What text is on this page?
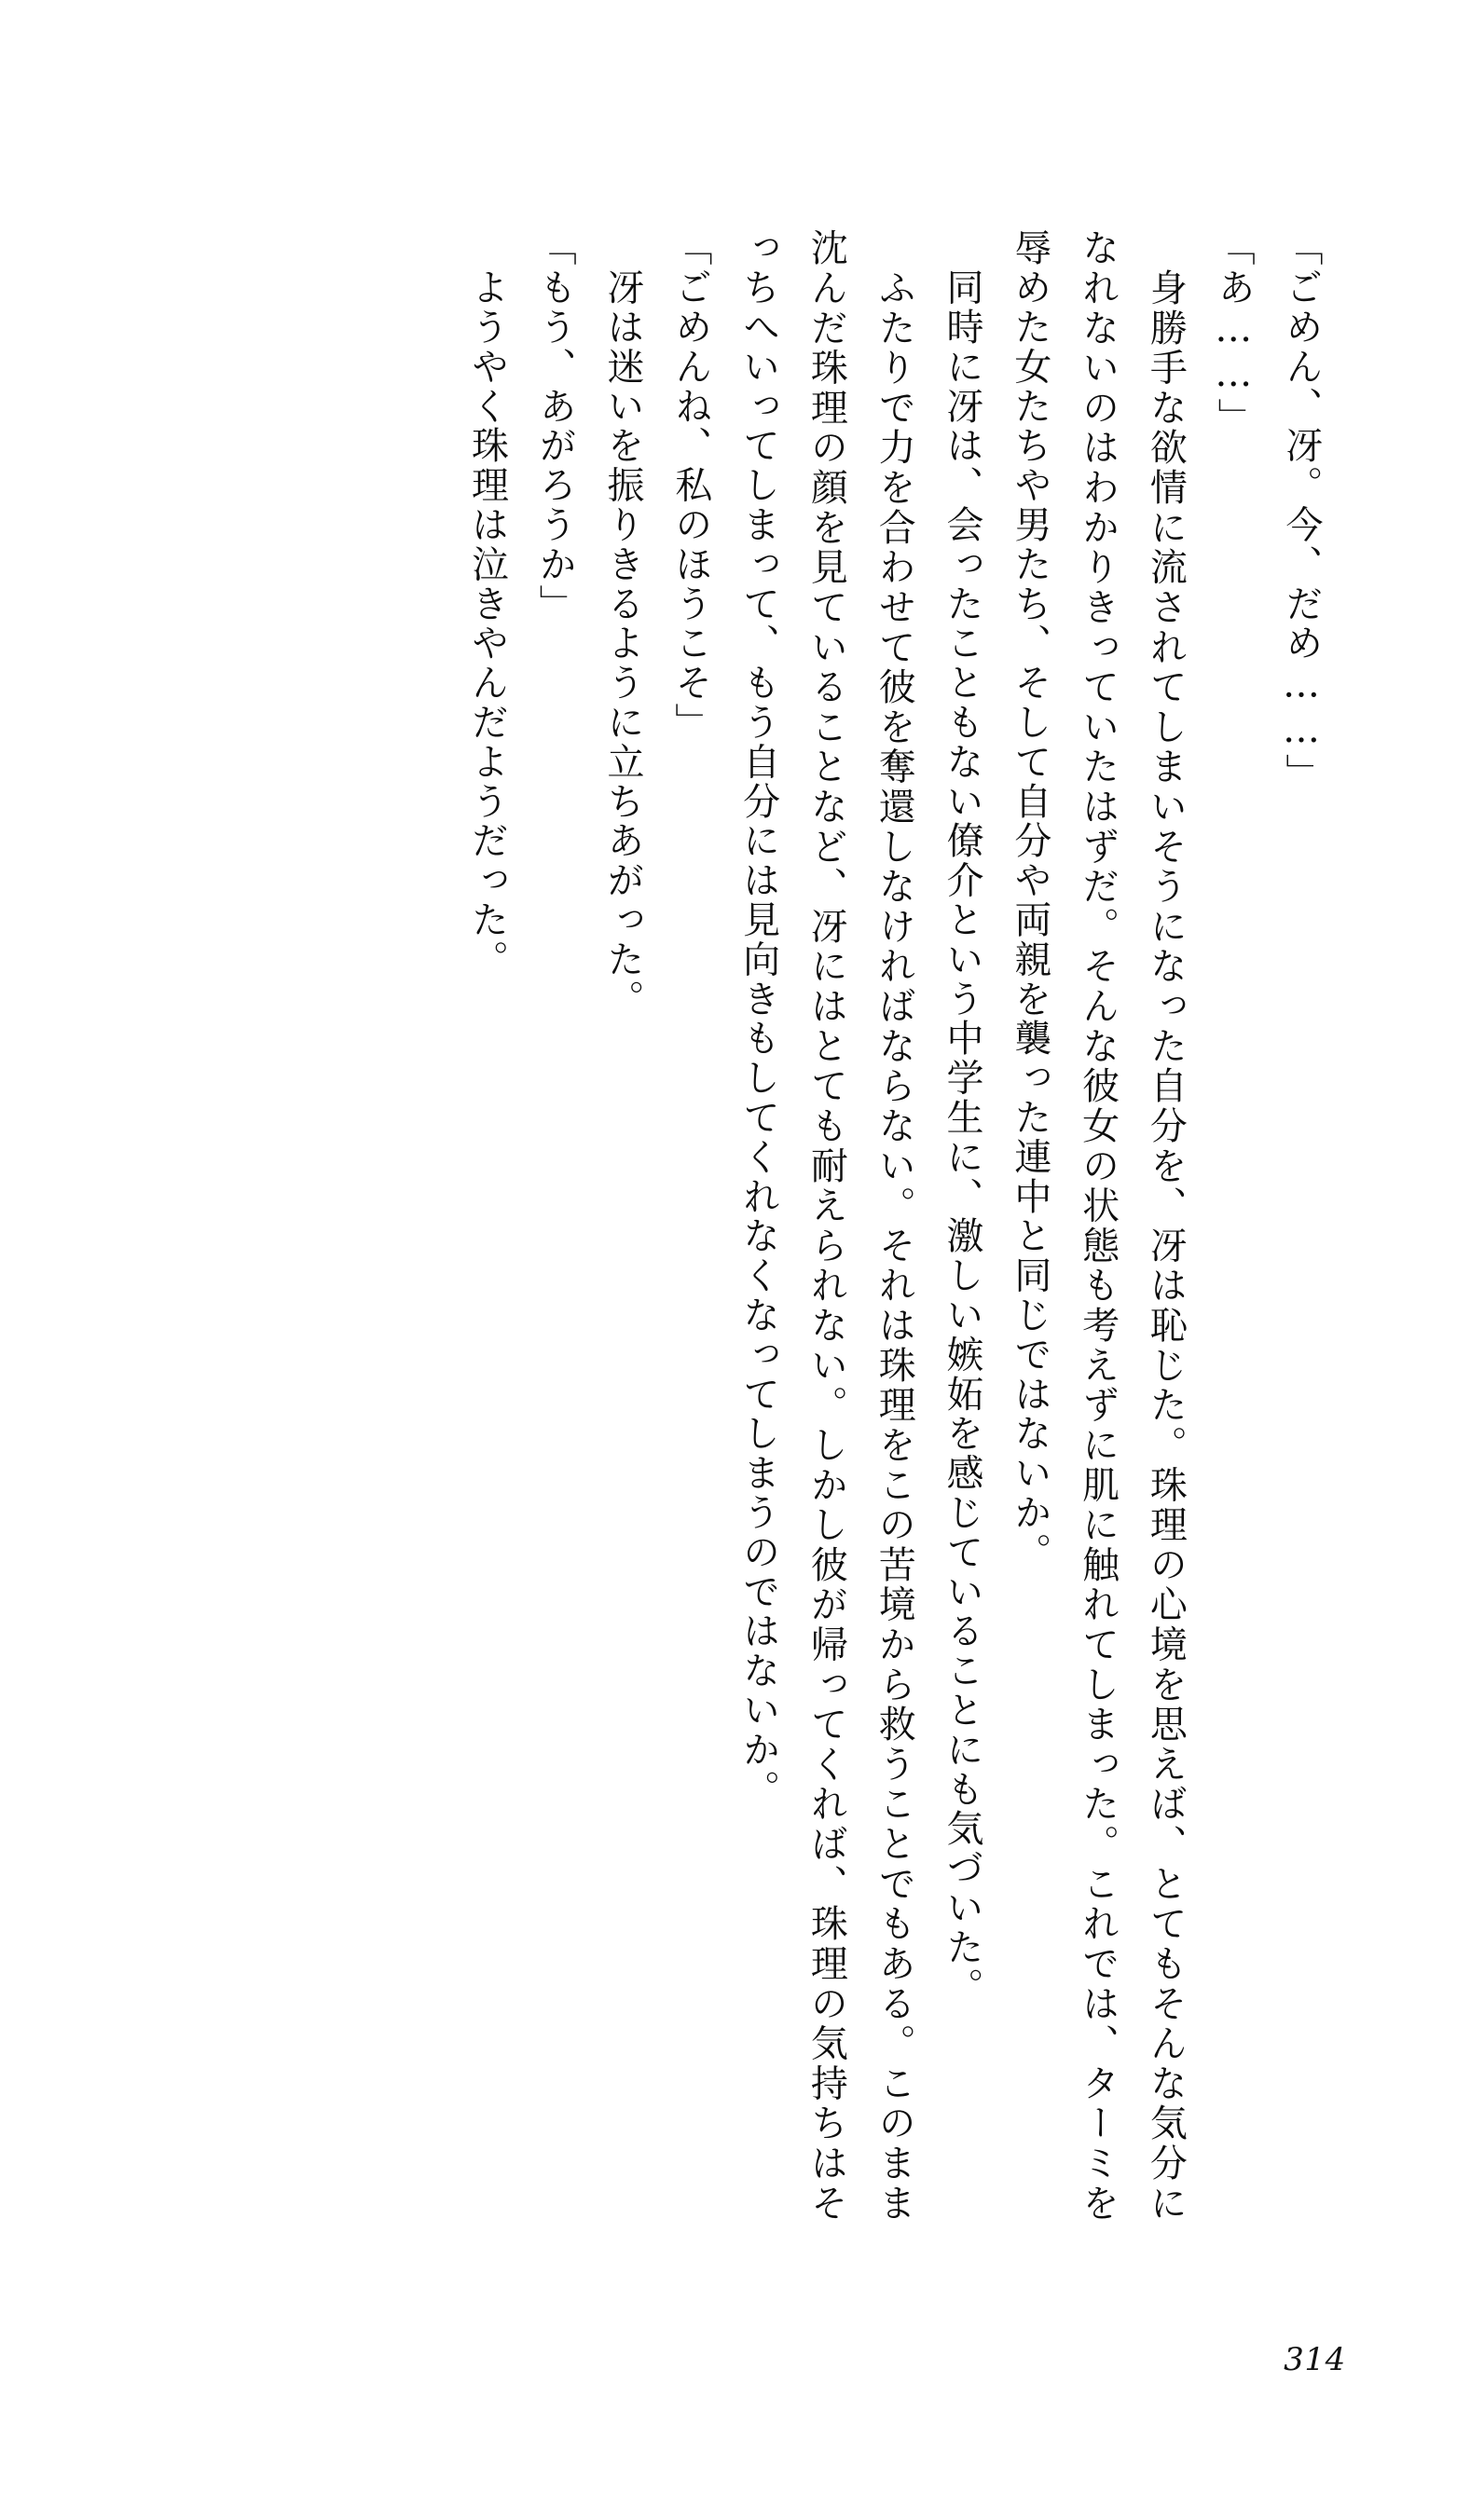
「ごめん、冴。今、だめ……」

「あ……」

　身勝手な欲情に流されてしまいそうになった自分を、冴は恥じた。珠理の心境を思えば、とてもそんな気分になれないのはわかりきっていたはずだ。そんな彼女の状態も考えずに肌に触れてしまった。これでは、ターミを辱めた女たちや男たち、そして自分や両親を襲った連中と同じではないか。

　同時に冴は、会ったこともない僚介という中学生に、激しい嫉妬を感じていることにも気づいた。

　ふたりで力を合わせて彼を奪還しなければならない。それは珠理をこの苦境から救うことでもある。このまま沈んだ珠理の顔を見ていることなど、冴にはとても耐えられない。しかし彼が帰ってくれば、珠理の気持ちはそっちへいってしまって、もう自分には見向きもしてくれなくなってしまうのではないか。

「ごめんね、私のほうこそ」

　冴は迷いを振りきるように立ちあがった。

「もう、あがろうか」

　ようやく珠理は泣きやんだようだった。

314
